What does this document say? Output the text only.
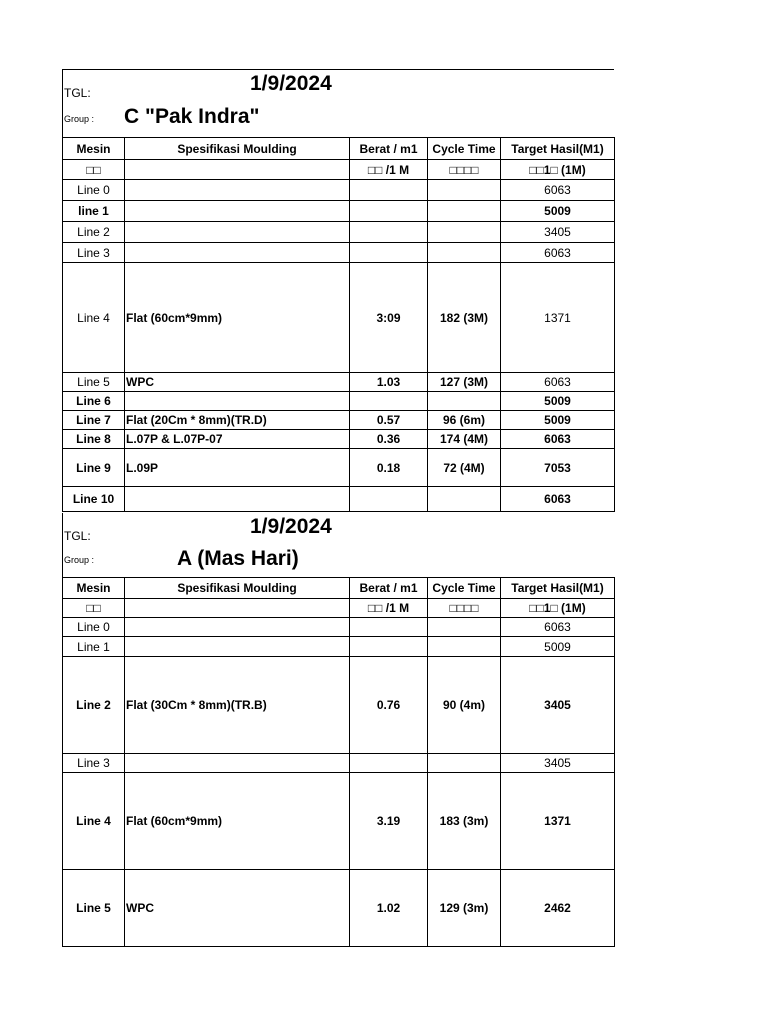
TGL:	1/9/2024
Group : C "Pak Indra"
Mesin	Spesifikasi Moulding	Berat / m1	Cycle Time	Target Hasil(M1)
□□		□□ /1 M	□□□□	□□1□ (1M)
Line 0				6063
line 1				5009
Line 2				3405
Line 3				6063
Line 4	Flat (60cm*9mm)	3:09	182 (3M)	1371
Line 5	WPC	1.03	127 (3M)	6063
Line 6				5009
Line 7	Flat (20Cm * 8mm)(TR.D)	0.57	96 (6m)	5009
Line 8	L.07P & L.07P-07	0.36	174 (4M)	6063
Line 9	L.09P	0.18	72 (4M)	7053
Line 10				6063
TGL:	1/9/2024
Group :	A (Mas Hari)
Mesin	Spesifikasi Moulding	Berat / m1	Cycle Time	Target Hasil(M1)
□□		□□ /1 M	□□□□	□□1□ (1M)
Line 0				6063
Line 1				5009
Line 2	Flat (30Cm * 8mm)(TR.B)	0.76	90 (4m)	3405
Line 3				3405
Line 4	Flat (60cm*9mm)	3.19	183 (3m)	1371
Line 5	WPC	1.02	129 (3m)	2462
